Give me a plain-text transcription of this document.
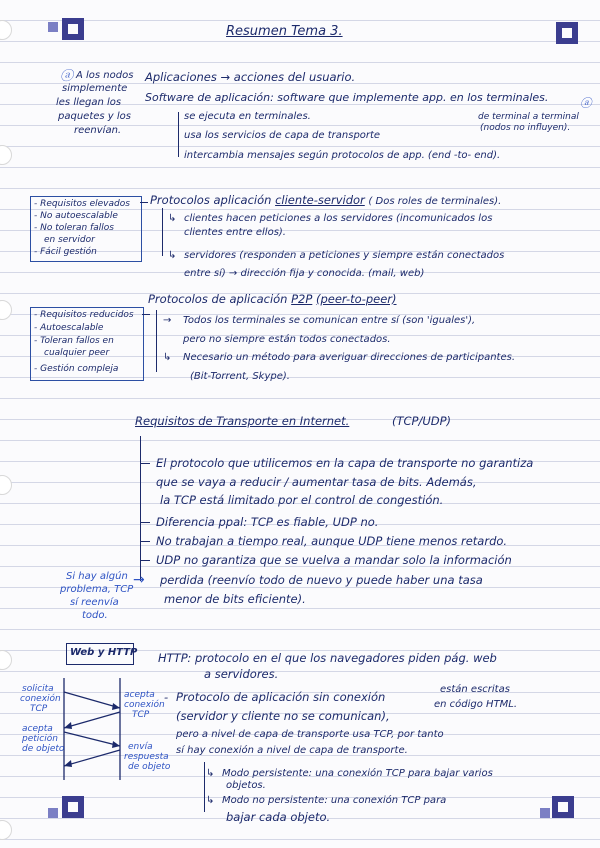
Resumen Tema 3.
ⓐ A los nodos
simplemente
les llegan los
paquetes y los
reenvían.
Aplicaciones → acciones del usuario.
Software de aplicación: software que implemente app. en los terminales.	ⓐ
se ejecuta en terminales.
usa los servicios de capa de transporte
intercambia mensajes según protocolos de app. (end -to- end).
de terminal a terminal
(nodos no influyen).
- Requisitos elevados
- No autoescalable
- No toleran fallos
en servidor
- Fácil gestión
Protocolos aplicación cliente-servidor ( Dos roles de terminales).
↳ clientes hacen peticiones a los servidores (incomunicados los
clientes entre ellos).
↳ servidores (responden a peticiones y siempre están conectados
entre sí) → dirección fija y conocida. (mail, web)
- Requisitos reducidos
- Autoescalable
- Toleran fallos en
cualquier peer
- Gestión compleja
Protocolos de aplicación P2P (peer-to-peer)
→ Todos los terminales se comunican entre sí (son 'iguales'),
pero no siempre están todos conectados.
↳ Necesario un método para averiguar direcciones de participantes.
(Bit-Torrent, Skype).
Requisitos de Transporte en Internet.	(TCP/UDP)
El protocolo que utilicemos en la capa de transporte no garantiza
que se vaya a reducir / aumentar tasa de bits. Además,
la TCP está limitado por el control de congestión.
Diferencia ppal: TCP es fiable, UDP no.
No trabajan a tiempo real, aunque UDP tiene menos retardo.
UDP no garantiza que se vuelva a mandar solo la información
perdida (reenvío todo de nuevo y puede haber una tasa
menor de bits eficiente).
Si hay algún
problema, TCP
sí reenvía
todo.
→
Web y HTTP HTTP: protocolo en el que los navegadores piden pág. web
a servidores.
están escritas
en código HTML.
- Protocolo de aplicación sin conexión
(servidor y cliente no se comunican),
pero a nivel de capa de transporte usa TCP, por tanto
sí hay conexión a nivel de capa de transporte.
↳ Modo persistente: una conexión TCP para bajar varios
objetos.
↳ Modo no persistente: una conexión TCP para
bajar cada objeto.
solicita
conexión
TCP
acepta
petición
de objeto
acepta
conexión
TCP
envía
respuesta
de objeto
